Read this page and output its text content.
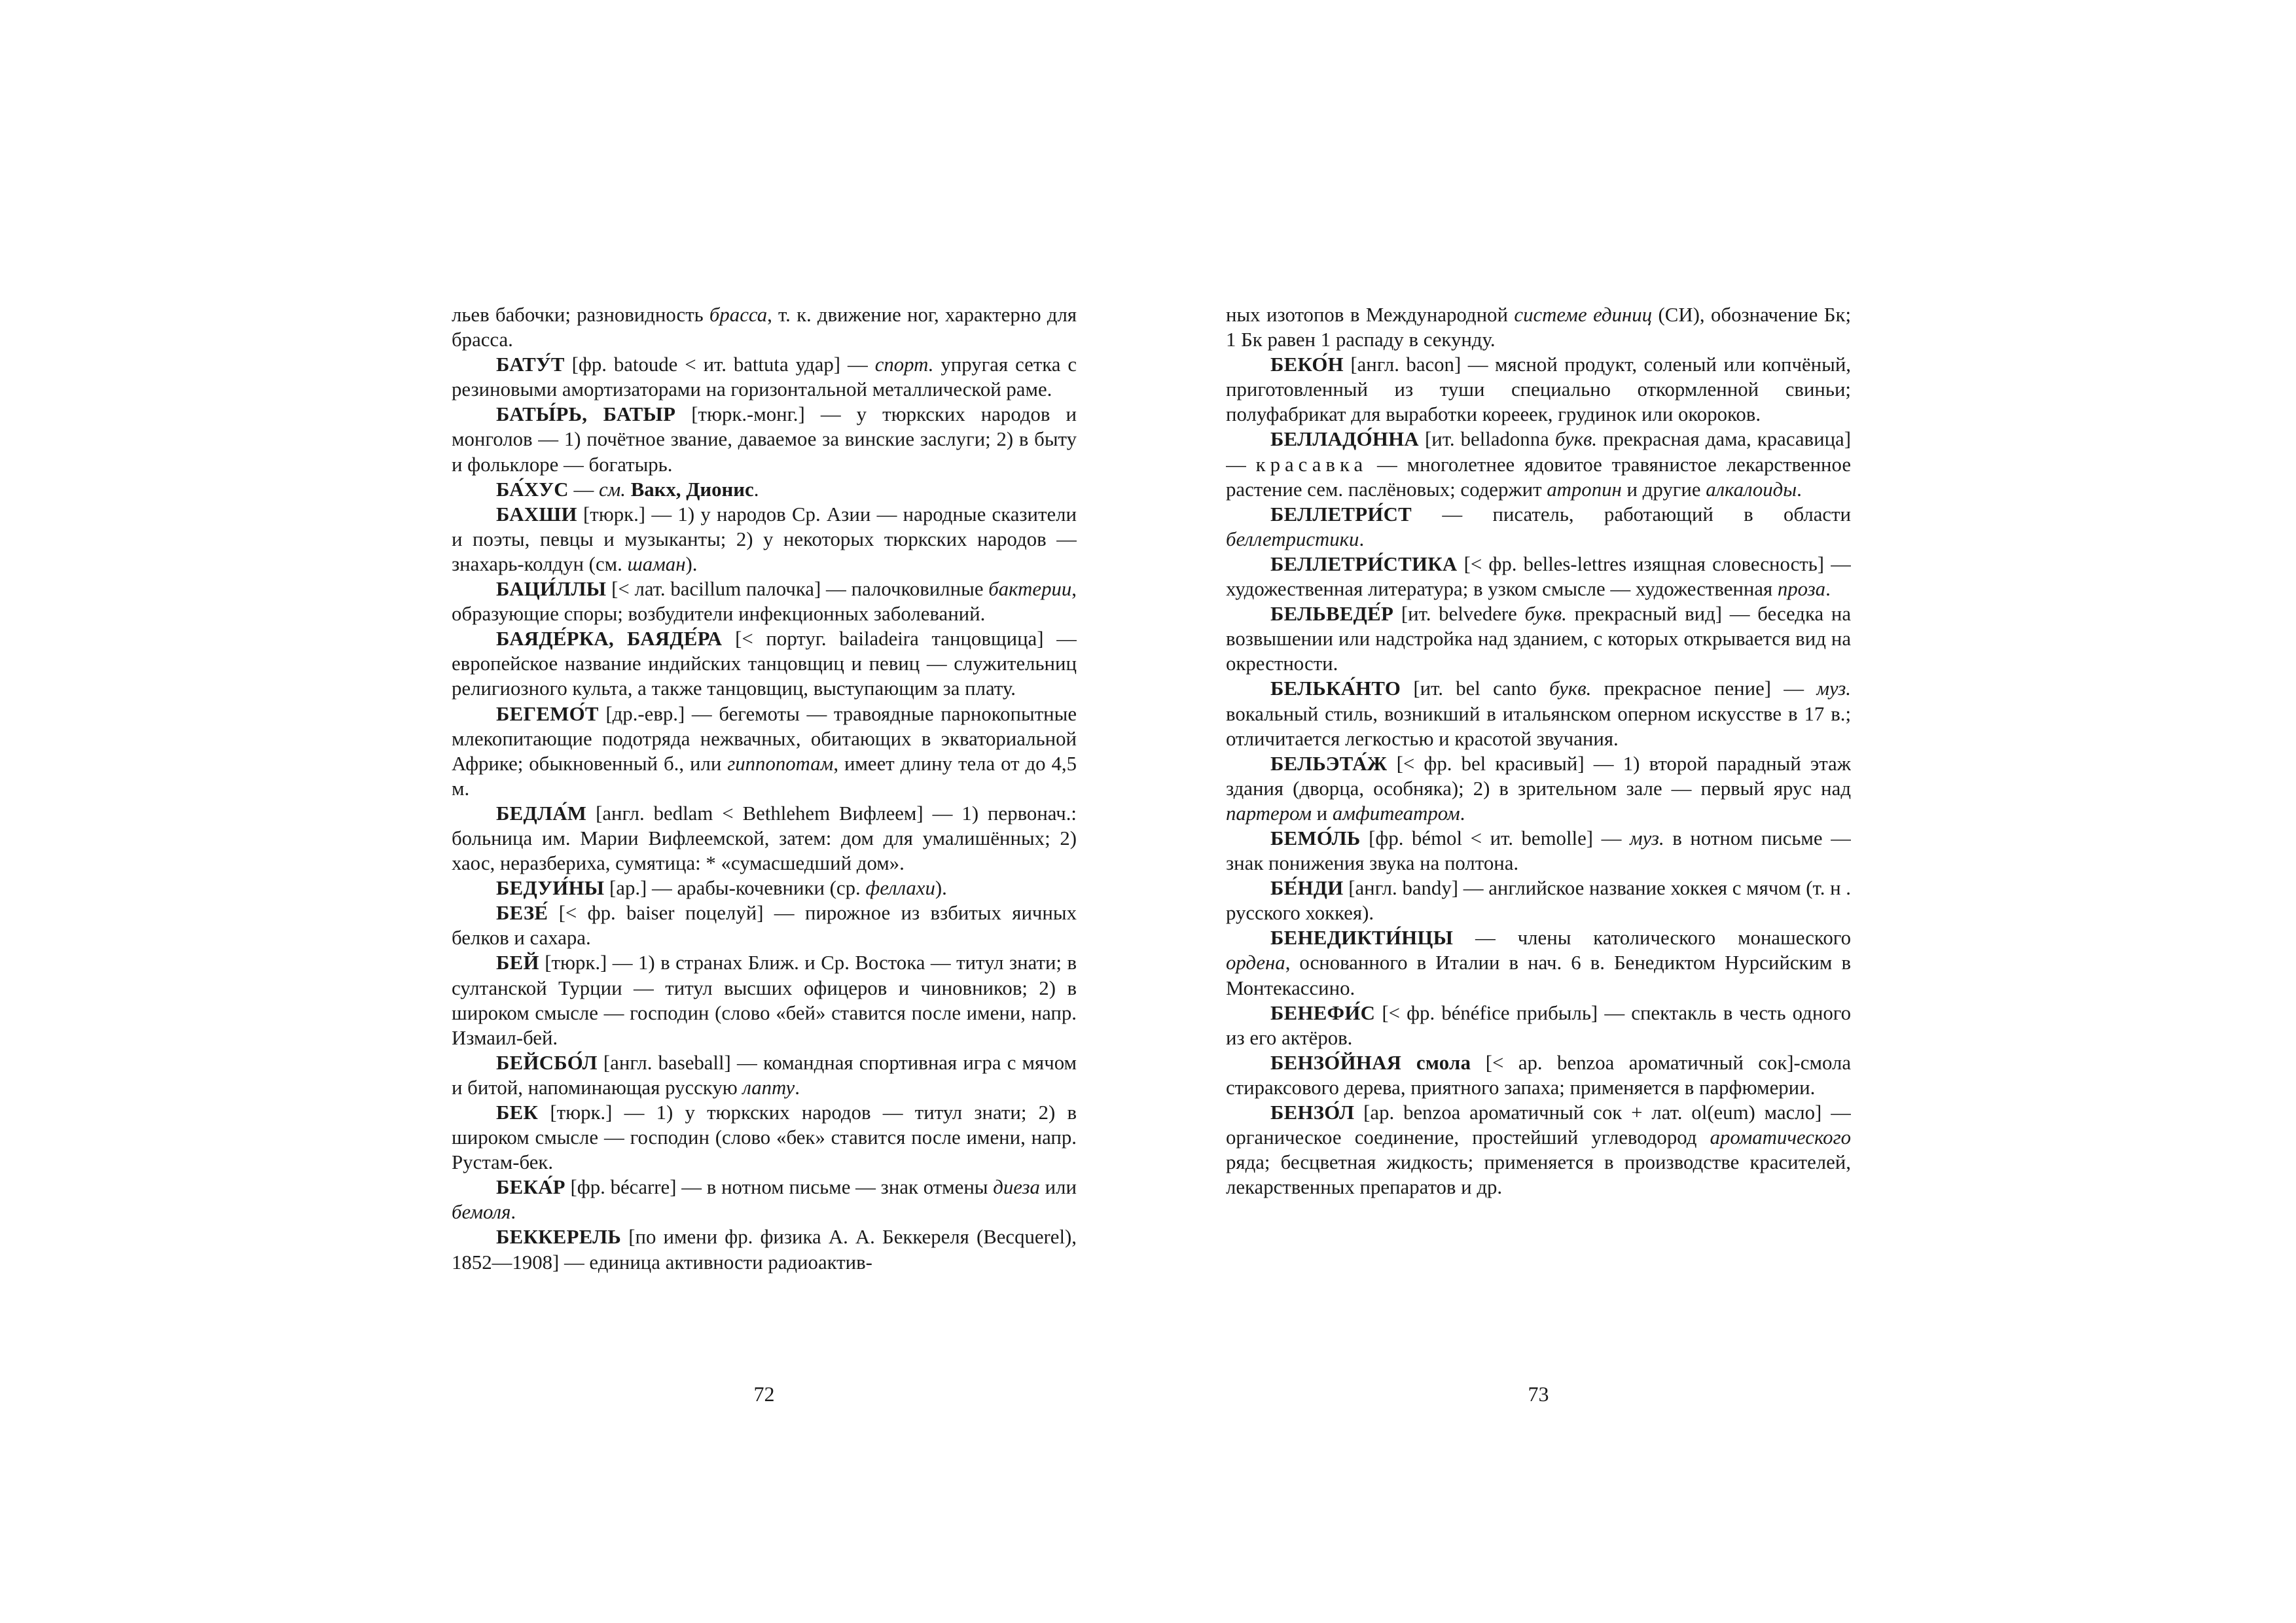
льев бабочки; разновидность брасса, т. к. движение ног, характерно для брасса.

БАТУ́Т [фр. batoude < ит. battuta удар] — спорт. упругая сетка с резиновыми амортизаторами на горизонтальной металлической раме.

БАТЫ́РЬ, БАТЫР [тюрк.-монг.] — у тюркских народов и монголов — 1) почётное звание, даваемое за винские заслуги; 2) в быту и фольклоре — богатырь.

БА́ХУС — см. Вакх, Дионис.

БАХШИ [тюрк.] — 1) у народов Ср. Азии — народные сказители и поэты, певцы и музыканты; 2) у некоторых тюркских народов — знахарь-колдун (см. шаман).

БАЦИ́ЛЛЫ [< лат. bacillum палочка] — палочковилные бактерии, образующие споры; возбудители инфекционных заболеваний.

БАЯДЕ́РКА, БАЯДЕ́РА [< португ. bailadeira танцовщица] — европейское название индийских танцовщиц и певиц — служительниц религиозного культа, а также танцовщиц, выступающим за плату.

БЕГЕМО́Т [др.-евр.] — бегемоты — травоядные парнокопытные млекопитающие подотряда нежвачных, обитающих в экваториальной Африке; обыкновенный б., или гиппопотам, имеет длину тела от до 4,5 м.

БЕДЛА́М [англ. bedlam < Bethlehem Вифлеем] — 1) первонач.: больница им. Марии Вифлеемской, затем: дом для умалишённых; 2) хаос, неразбериха, сумятица: * «сумасшедший дом».

БЕДУИ́НЫ [ар.] — арабы-кочевники (ср. феллахи).

БЕЗЕ́ [< фр. baiser поцелуй] — пирожное из взбитых яичных белков и сахара.

БЕЙ [тюрк.] — 1) в странах Ближ. и Ср. Востока — титул знати; в султанской Турции — титул высших офицеров и чиновников; 2) в широком смысле — господин (слово «бей» ставится после имени, напр. Измаил-бей.

БЕЙСБО́Л [англ. baseball] — командная спортивная игра с мячом и битой, напоминающая русскую лапту.

БЕК [тюрк.] — 1) у тюркских народов — титул знати; 2) в широком смысле — господин (слово «бек» ставится после имени, напр. Рустам-бек.

БЕКА́Р [фр. bécarre] — в нотном письме — знак отмены диеза или бемоля.

БЕККЕРЕЛЬ [по имени фр. физика А. А. Беккереля (Becquerel), 1852—1908] — единица активности радиоактив-

72

ных изотопов в Международной системе единиц (СИ), обозначение Бк; 1 Бк равен 1 распаду в секунду.

БЕКО́Н [англ. bacon] — мясной продукт, соленый или копчёный, приготовленный из туши специально откормленной свиньи; полуфабрикат для выработки корееек, грудинок или окороков.

БЕЛЛАДО́ННА [ит. belladonna букв. прекрасная дама, красавица] — красавка — многолетнее ядовитое травянистое лекарственное растение сем. паслёновых; содержит атропин и другие алкалоиды.

БЕЛЛЕТРИ́СТ — писатель, работающий в области беллетристики.

БЕЛЛЕТРИ́СТИКА [< фр. belles-lettres изящная словесность] — художественная литература; в узком смысле — художественная проза.

БЕЛЬВЕДЕ́Р [ит. belvedere букв. прекрасный вид] — беседка на возвышении или надстройка над зданием, с которых открывается вид на окрестности.

БЕЛЬКА́НТО [ит. bel canto букв. прекрасное пение] — муз. вокальный стиль, возникший в итальянском оперном искусстве в 17 в.; отличитается легкостью и красотой звучания.

БЕЛЬЭТА́Ж [< фр. bel красивый] — 1) второй парадный этаж здания (дворца, особняка); 2) в зрительном зале — первый ярус над партером и амфитеатром.

БЕМО́ЛЬ [фр. bémol < ит. bemolle] — муз. в нотном письме — знак понижения звука на полтона.

БЕ́НДИ [англ. bandy] — английское название хоккея с мячом (т. н . русского хоккея).

БЕНЕДИКТИ́НЦЫ — члены католического монашеского ордена, основанного в Италии в нач. 6 в. Бенедиктом Нурсийским в Монтекассино.

БЕНЕФИ́С [< фр. bénéfice прибыль] — спектакль в честь одного из его актёров.

БЕНЗО́ЙНАЯ смола [< ар. benzoa ароматичный сок]-смола стираксового дерева, приятного запаха; применяется в парфюмерии.

БЕНЗО́Л [ар. benzoa ароматичный сок + лат. ol(eum) масло] — органическое соединение, простейший углеводород ароматического ряда; бесцветная жидкость; применяется в производстве красителей, лекарственных препаратов и др.

73
